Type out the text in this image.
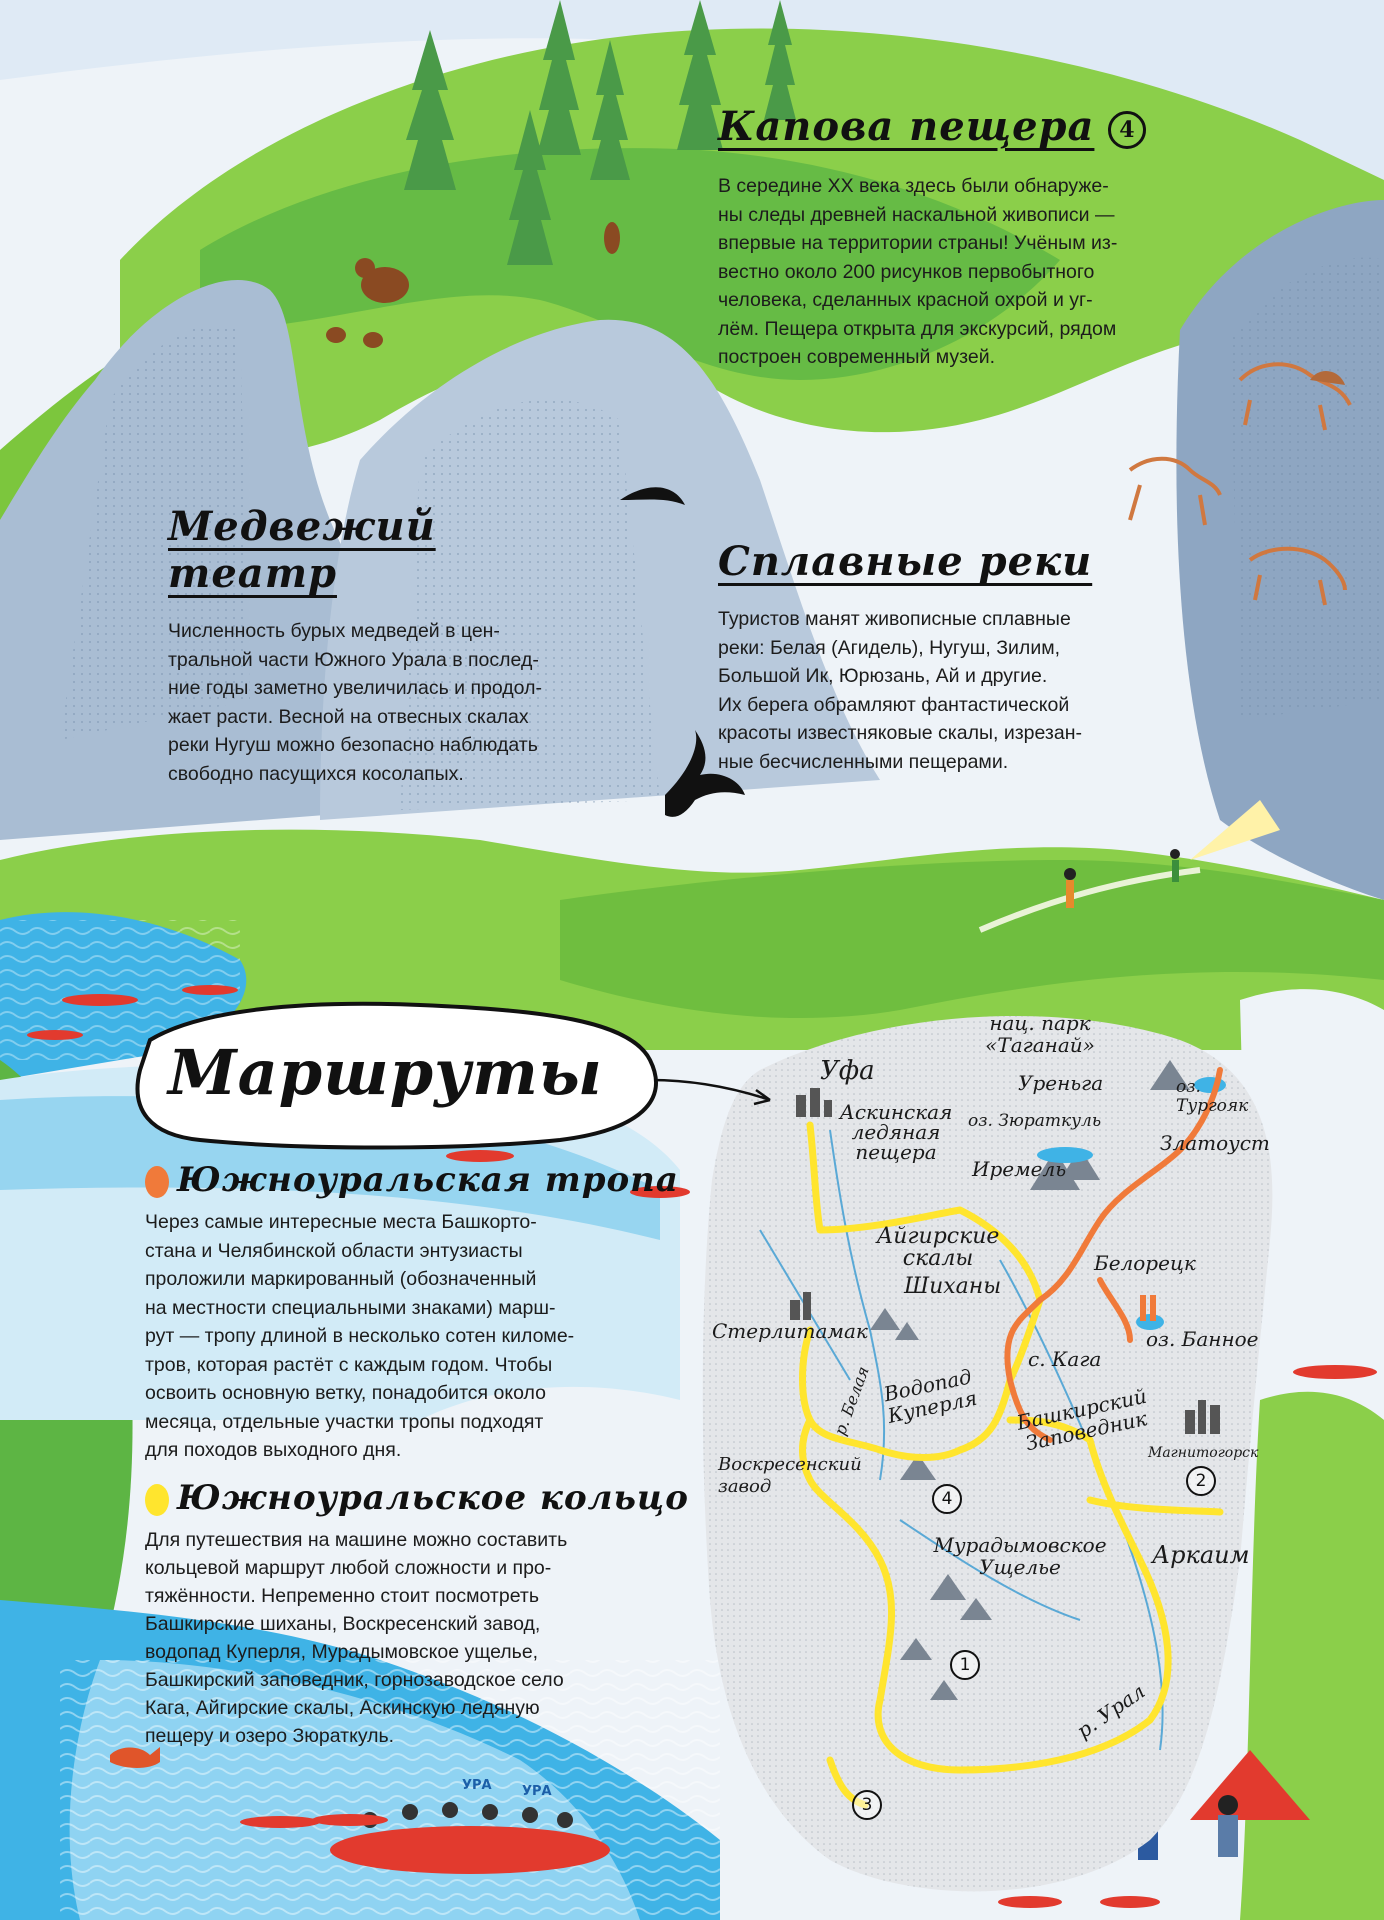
Капова пещера 4

В середине XX века здесь были обнаруже-
ны следы древней наскальной живописи —
впервые на территории страны! Учёным из-
вестно около 200 рисунков первобытного
человека, сделанных красной охрой и уг-
лём. Пещера открыта для экскурсий, рядом
построен современный музей.

Медвежий театр

Численность бурых медведей в цен-
тральной части Южного Урала в послед-
ние годы заметно увеличилась и продол-
жает расти. Весной на отвесных скалах
реки Нугуш можно безопасно наблюдать
свободно пасущихся косолапых.

Сплавные реки

Туристов манят живописные сплавные
реки: Белая (Агидель), Нугуш, Зилим,
Большой Ик, Юрюзань, Ай и другие.
Их берега обрамляют фантастической
красоты известняковые скалы, изрезан-
ные бесчисленными пещерами.

Маршруты

Южноуральская тропа

Через самые интересные места Башкорто-
стана и Челябинской области энтузиасты
проложили маркированный (обозначенный
на местности специальными знаками) марш-
рут — тропу длиной в несколько сотен киломе-
тров, которая растёт с каждым годом. Чтобы
освоить основную ветку, понадобится около
месяца, отдельные участки тропы подходят
для походов выходного дня.

Южноуральское кольцо

Для путешествия на машине можно составить
кольцевой маршрут любой сложности и про-
тяжённости. Непременно стоит посмотреть
Башкирские шиханы, Воскресенский завод,
водопад Куперля, Мурадымовское ущелье,
Башкирский заповедник, горнозаводское село
Кага, Айгирские скалы, Аскинскую ледяную
пещеру и озеро Зюраткуль.

нац. парк
«Таганай»
Уфа
Аскинская
ледяная
пещера
Уреньга
оз. Зюраткуль
оз.
Тургояк
Златоуст
Иремель
Айгирские
скалы
Шиханы
Белорецк
Стерлитамак
р. Белая
оз. Банное
с. Кага
Водопад
Куперля Башкирский
Заповедник
Магнитогорск
Воскресенский
завод
Мурадымовское
Ущелье	Аркаим
р. Урал
1
2
3
4
УРА УРА
